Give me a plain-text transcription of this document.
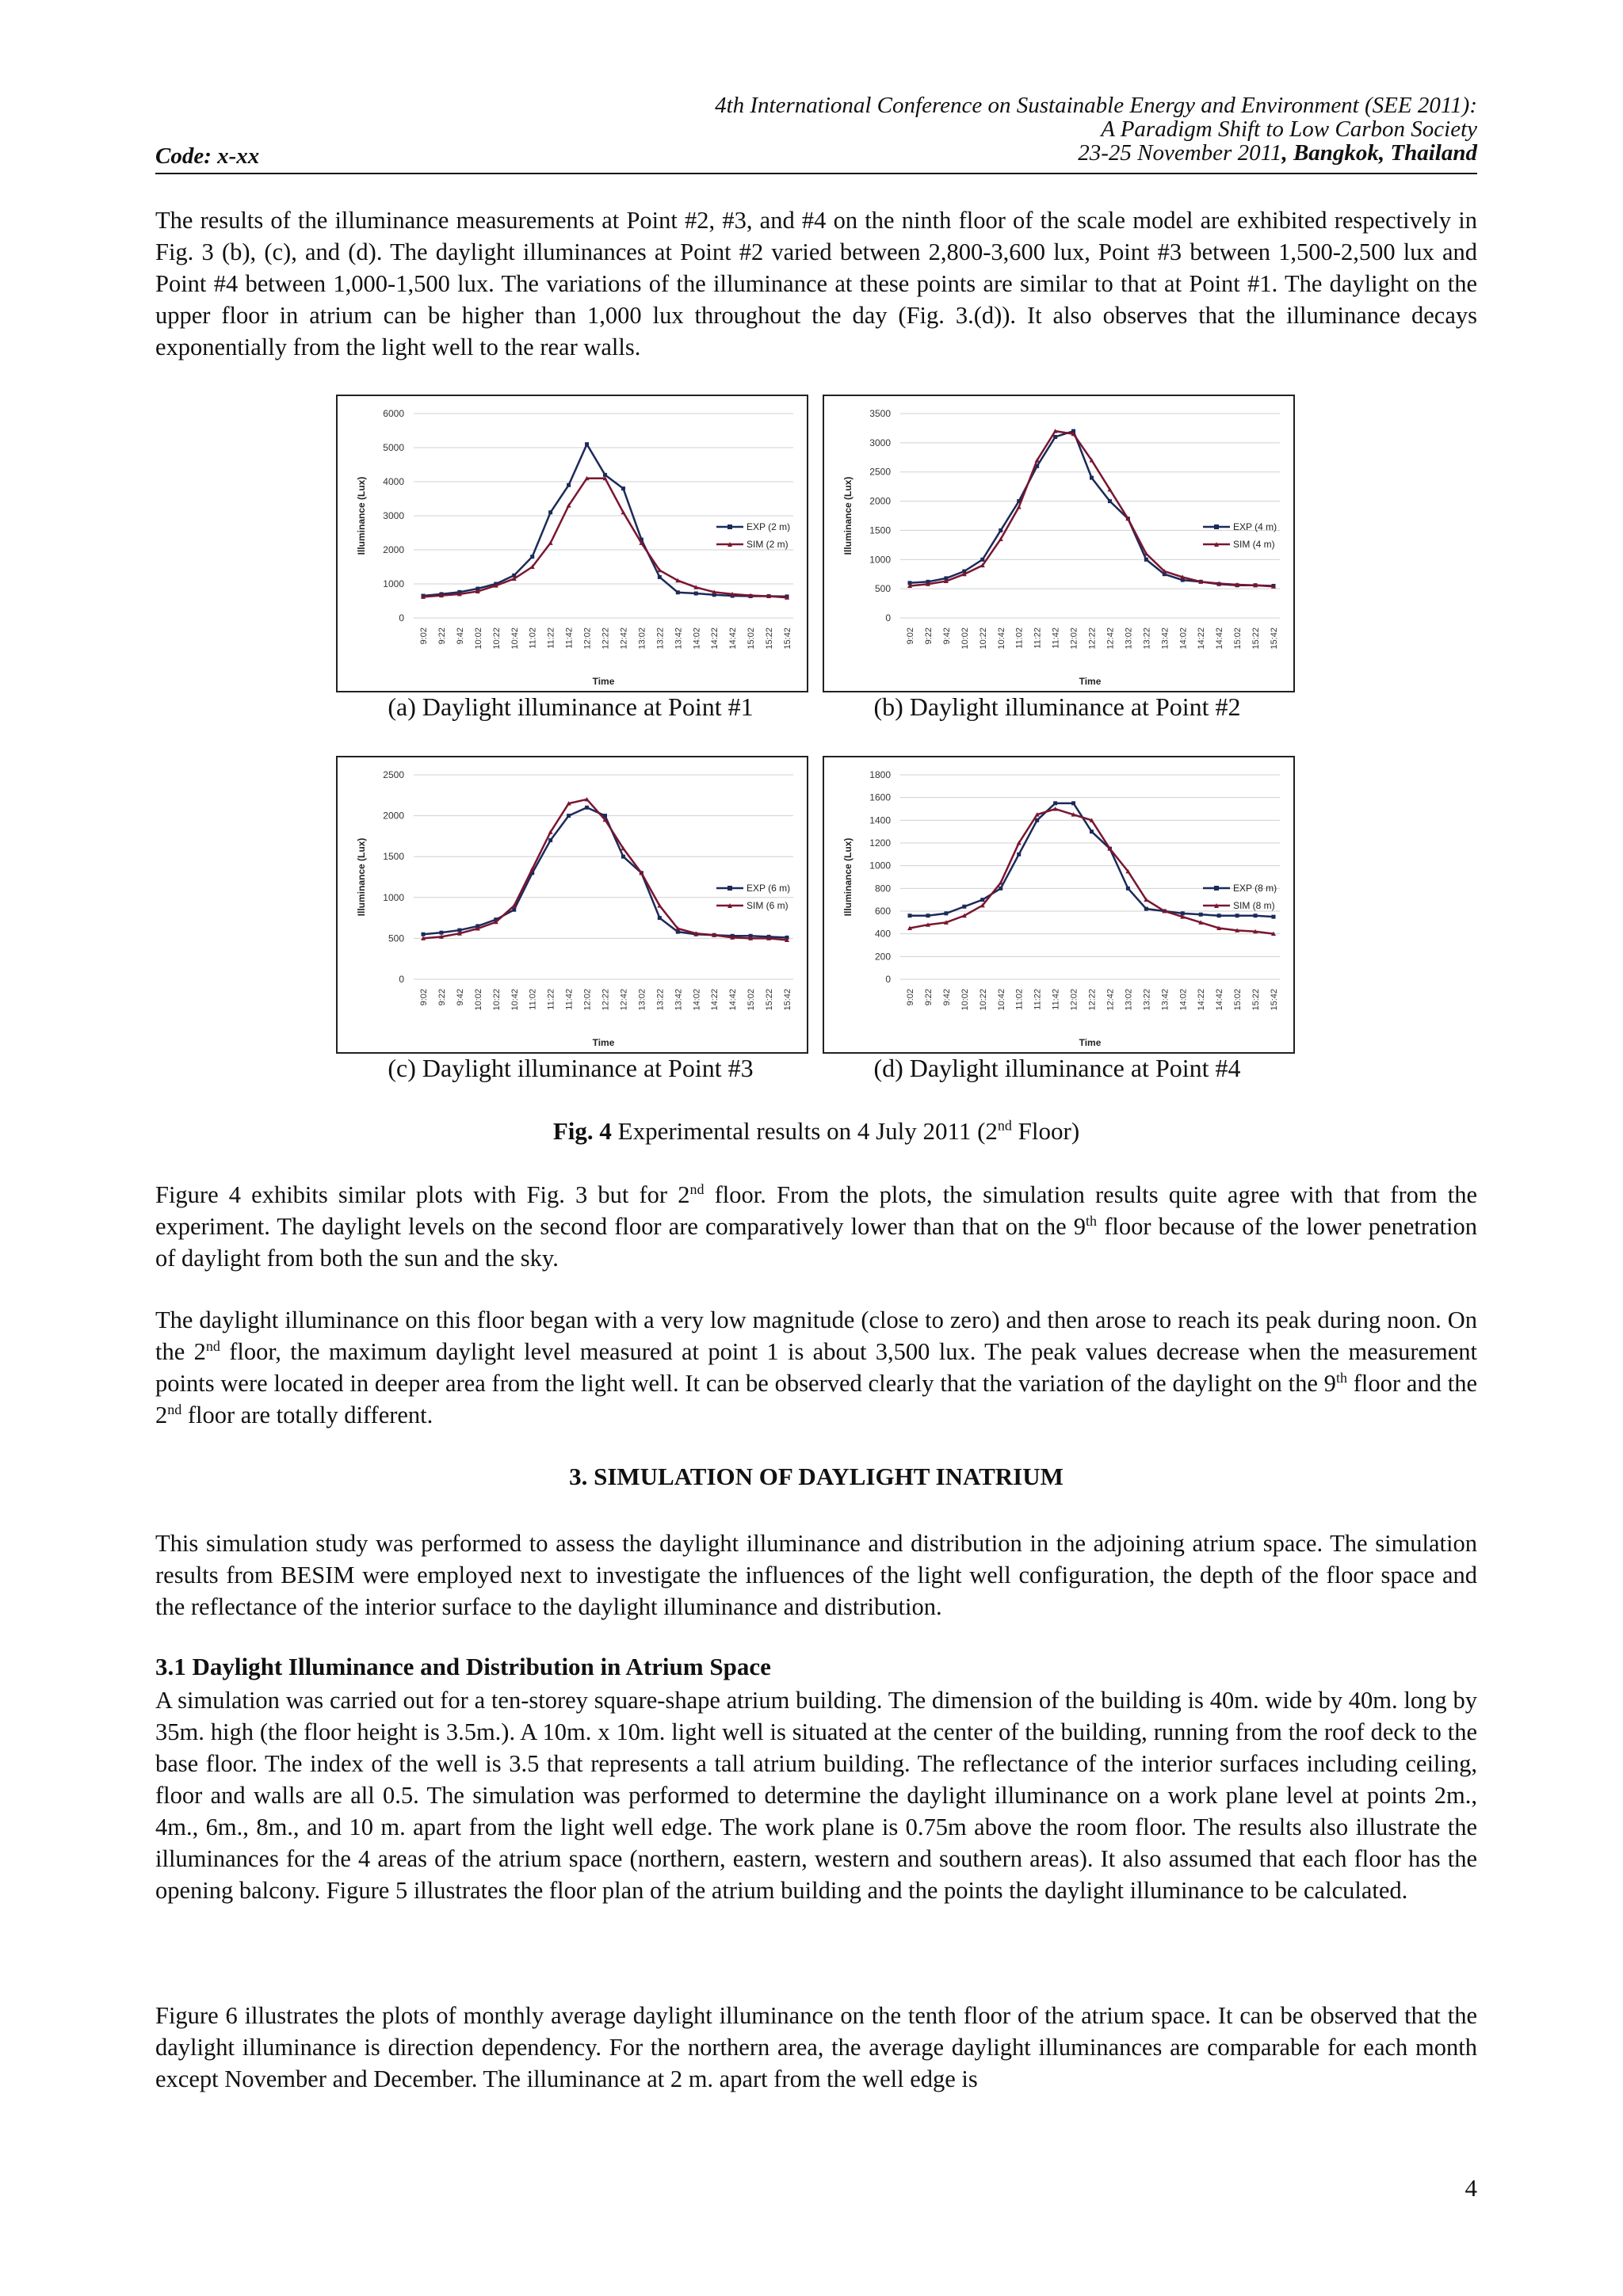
4th International Conference on Sustainable Energy and Environment (SEE 2011):
A Paradigm Shift to Low Carbon Society
23-25 November 2011, Bangkok, Thailand
Code: x-xx

The results of the illuminance measurements at Point #2, #3, and #4 on the ninth floor of the scale model are exhibited respectively in Fig. 3 (b), (c), and (d). The daylight illuminances at Point #2 varied between 2,800-3,600 lux, Point #3 between 1,500-2,500 lux and Point #4 between 1,000-1,500 lux. The variations of the illuminance at these points are similar to that at Point #1. The daylight on the upper floor in atrium can be higher than 1,000 lux throughout the day (Fig. 3.(d)). It also observes that the illuminance decays exponentially from the light well to the rear walls.

0
1000
2000
3000
4000
5000
6000
9:02 9:22 9:42 10:02 10:22 10:42 11:02 11:22 11:42 12:02 12:22 12:42 13:02 13:22 13:42 14:02 14:22 14:42 15:02 15:22 15:42
Illuminance (Lux)
Time
EXP (2 m)
SIM (2 m)
0
500
1000
1500
2000
2500
3000
3500
9:02 9:22 9:42 10:02 10:22 10:42 11:02 11:22 11:42 12:02 12:22 12:42 13:02 13:22 13:42 14:02 14:22 14:42 15:02 15:22 15:42
Illuminance (Lux)
Time
EXP (4 m)
SIM (4 m)
0
500
1000
1500
2000
2500
9:02 9:22 9:42 10:02 10:22 10:42 11:02 11:22 11:42 12:02 12:22 12:42 13:02 13:22 13:42 14:02 14:22 14:42 15:02 15:22 15:42
Illuminance (Lux)
Time
EXP (6 m)
SIM (6 m)
0
200
400
600
800
1000
1200
1400
1600
1800
9:02 9:22 9:42 10:02 10:22 10:42 11:02 11:22 11:42 12:02 12:22 12:42 13:02 13:22 13:42 14:02 14:22 14:42 15:02 15:22 15:42
Illuminance (Lux)
Time
EXP (8 m)
SIM (8 m)
(a) Daylight illuminance at Point #1	(b) Daylight illuminance at Point #2
(c) Daylight illuminance at Point #3	(d) Daylight illuminance at Point #4
Fig. 4 Experimental results on 4 July 2011 (2nd Floor)

Figure 4 exhibits similar plots with Fig. 3 but for 2nd floor. From the plots, the simulation results quite agree with that from the experiment. The daylight levels on the second floor are comparatively lower than that on the 9th floor because of the lower penetration of daylight from both the sun and the sky.

The daylight illuminance on this floor began with a very low magnitude (close to zero) and then arose to reach its peak during noon. On the 2nd floor, the maximum daylight level measured at point 1 is about 3,500 lux. The peak values decrease when the measurement points were located in deeper area from the light well. It can be observed clearly that the variation of the daylight on the 9th floor and the 2nd floor are totally different.

3. SIMULATION OF DAYLIGHT INATRIUM

This simulation study was performed to assess the daylight illuminance and distribution in the adjoining atrium space. The simulation results from BESIM were employed next to investigate the influences of the light well configuration, the depth of the floor space and the reflectance of the interior surface to the daylight illuminance and distribution.

3.1 Daylight Illuminance and Distribution in Atrium Space

A simulation was carried out for a ten-storey square-shape atrium building. The dimension of the building is 40m. wide by 40m. long by 35m. high (the floor height is 3.5m.). A 10m. x 10m. light well is situated at the center of the building, running from the roof deck to the base floor. The index of the well is 3.5 that represents a tall atrium building. The reflectance of the interior surfaces including ceiling, floor and walls are all 0.5. The simulation was performed to determine the daylight illuminance on a work plane level at points 2m., 4m., 6m., 8m., and 10 m. apart from the light well edge. The work plane is 0.75m above the room floor. The results also illustrate the illuminances for the 4 areas of the atrium space (northern, eastern, western and southern areas). It also assumed that each floor has the opening balcony. Figure 5 illustrates the floor plan of the atrium building and the points the daylight illuminance to be calculated.

Figure 6 illustrates the plots of monthly average daylight illuminance on the tenth floor of the atrium space. It can be observed that the daylight illuminance is direction dependency. For the northern area, the average daylight illuminances are comparable for each month except November and December. The illuminance at 2 m. apart from the well edge is

4
